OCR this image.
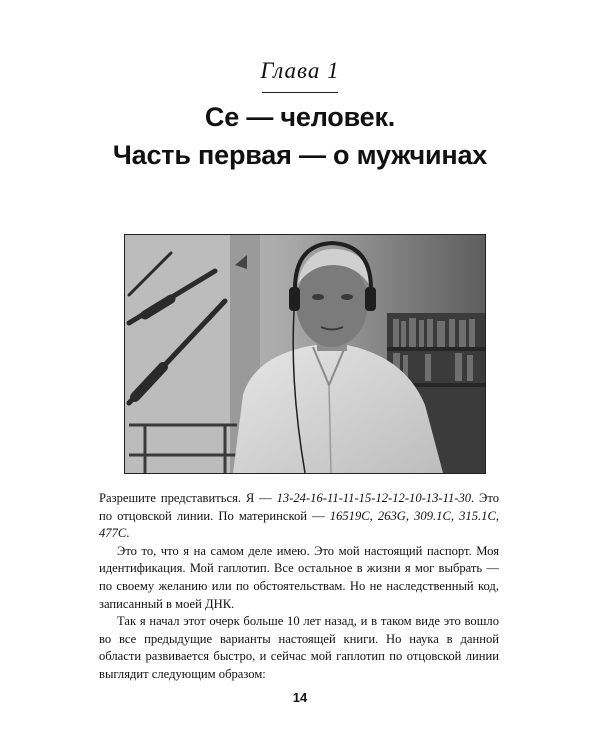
Глава 1
Се — человек.
Часть первая — о мужчинах

Разрешите представиться. Я — 13-24-16-11-11-15-12-12-10-13-11-30. Это по отцовской линии. По материнской — 16519C, 263G, 309.1C, 315.1C, 477C.

Это то, что я на самом деле имею. Это мой настоящий паспорт. Моя идентификация. Мой гаплотип. Все остальное в жизни я мог выбрать — по своему желанию или по обстоятельствам. Но не наследственный код, записанный в моей ДНК.

Так я начал этот очерк больше 10 лет назад, и в таком виде это вошло во все предыдущие варианты настоящей книги. Но наука в данной области развивается быстро, и сейчас мой гаплотип по отцовской линии выглядит следующим образом:

14
